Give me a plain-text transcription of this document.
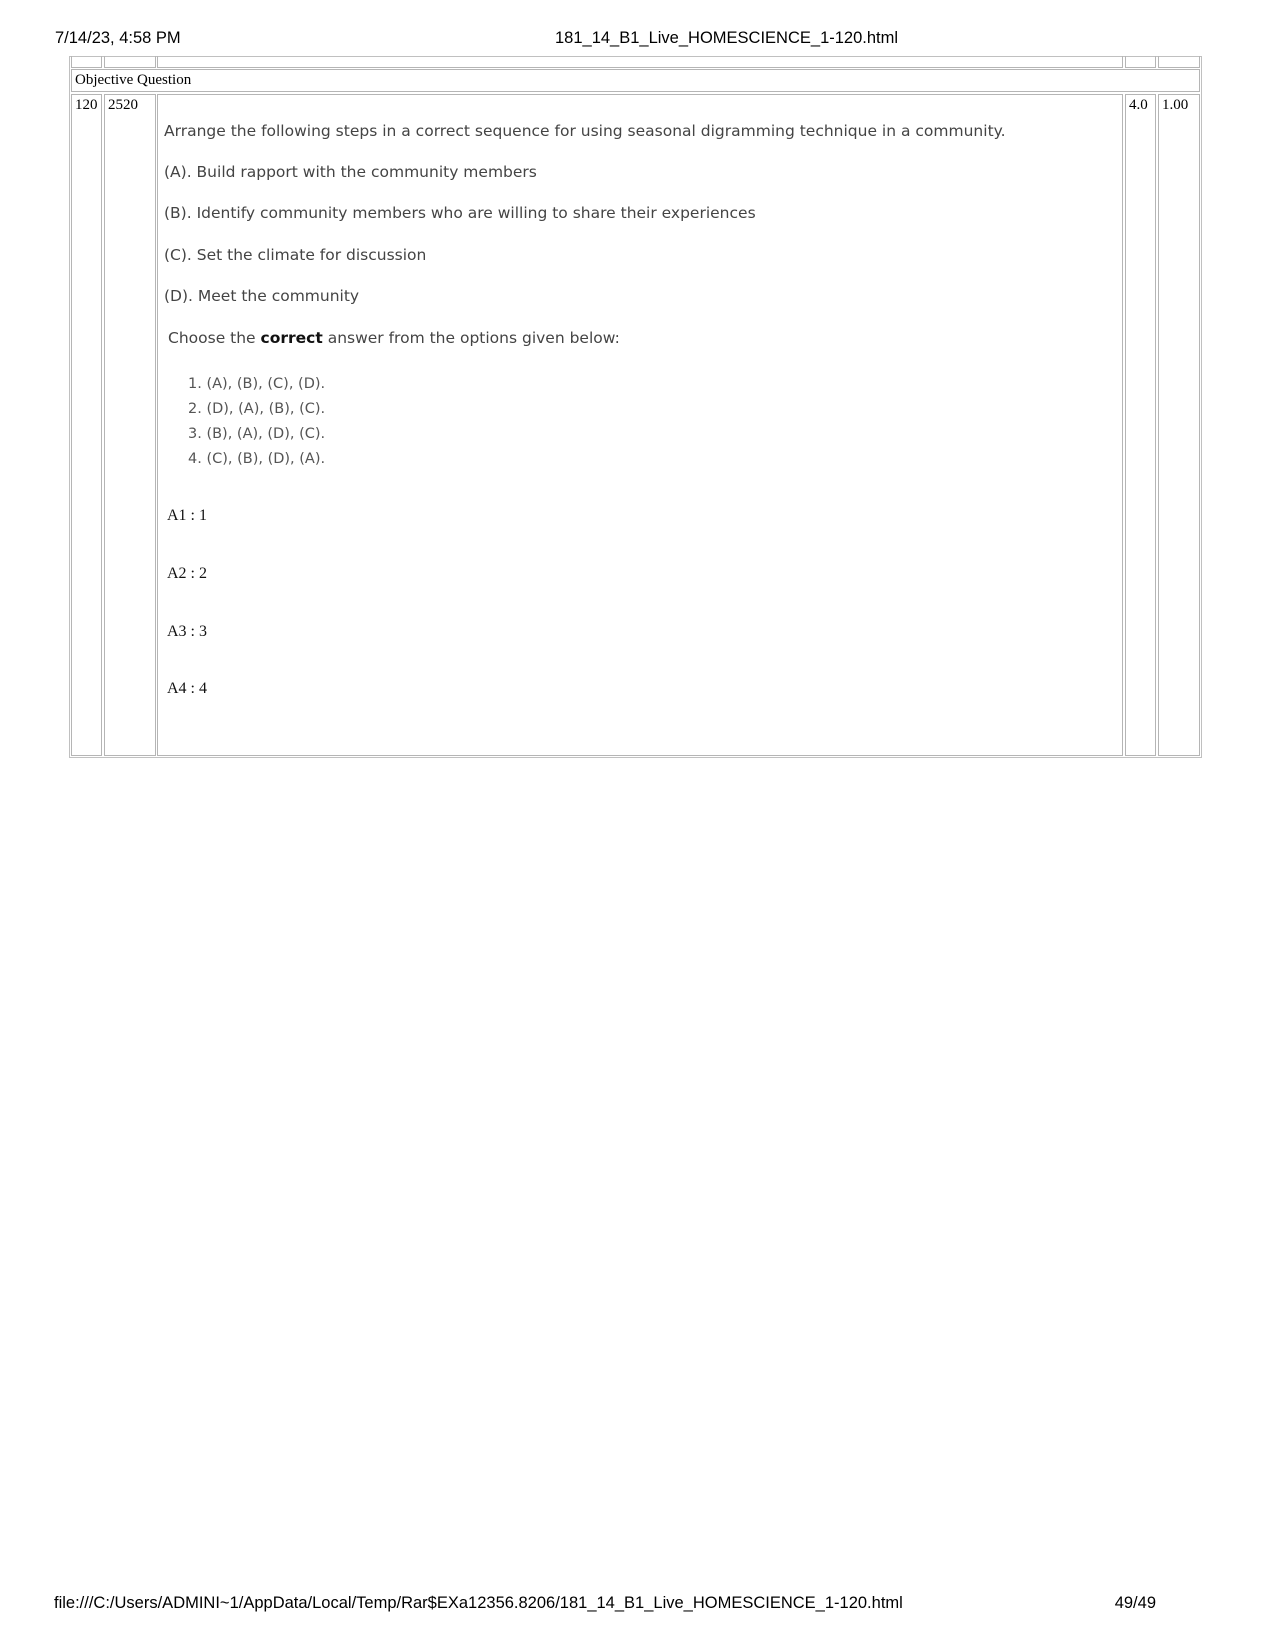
7/14/23, 4:58 PM	181_14_B1_Live_HOMESCIENCE_1-120.html
Objective Question
120 2520
Arrange the following steps in a correct sequence for using seasonal digramming technique in a community.
(A). Build rapport with the community members
(B). Identify community members who are willing to share their experiences
(C). Set the climate for discussion
(D). Meet the community
Choose the correct answer from the options given below:
1. (A), (B), (C), (D).
2. (D), (A), (B), (C).
3. (B), (A), (D), (C).
4. (C), (B), (D), (A).
A1 : 1
A2 : 2
A3 : 3
A4 : 4
4.0 1.00
file:///C:/Users/ADMINI~1/AppData/Local/Temp/Rar$EXa12356.8206/181_14_B1_Live_HOMESCIENCE_1-120.html	49/49
